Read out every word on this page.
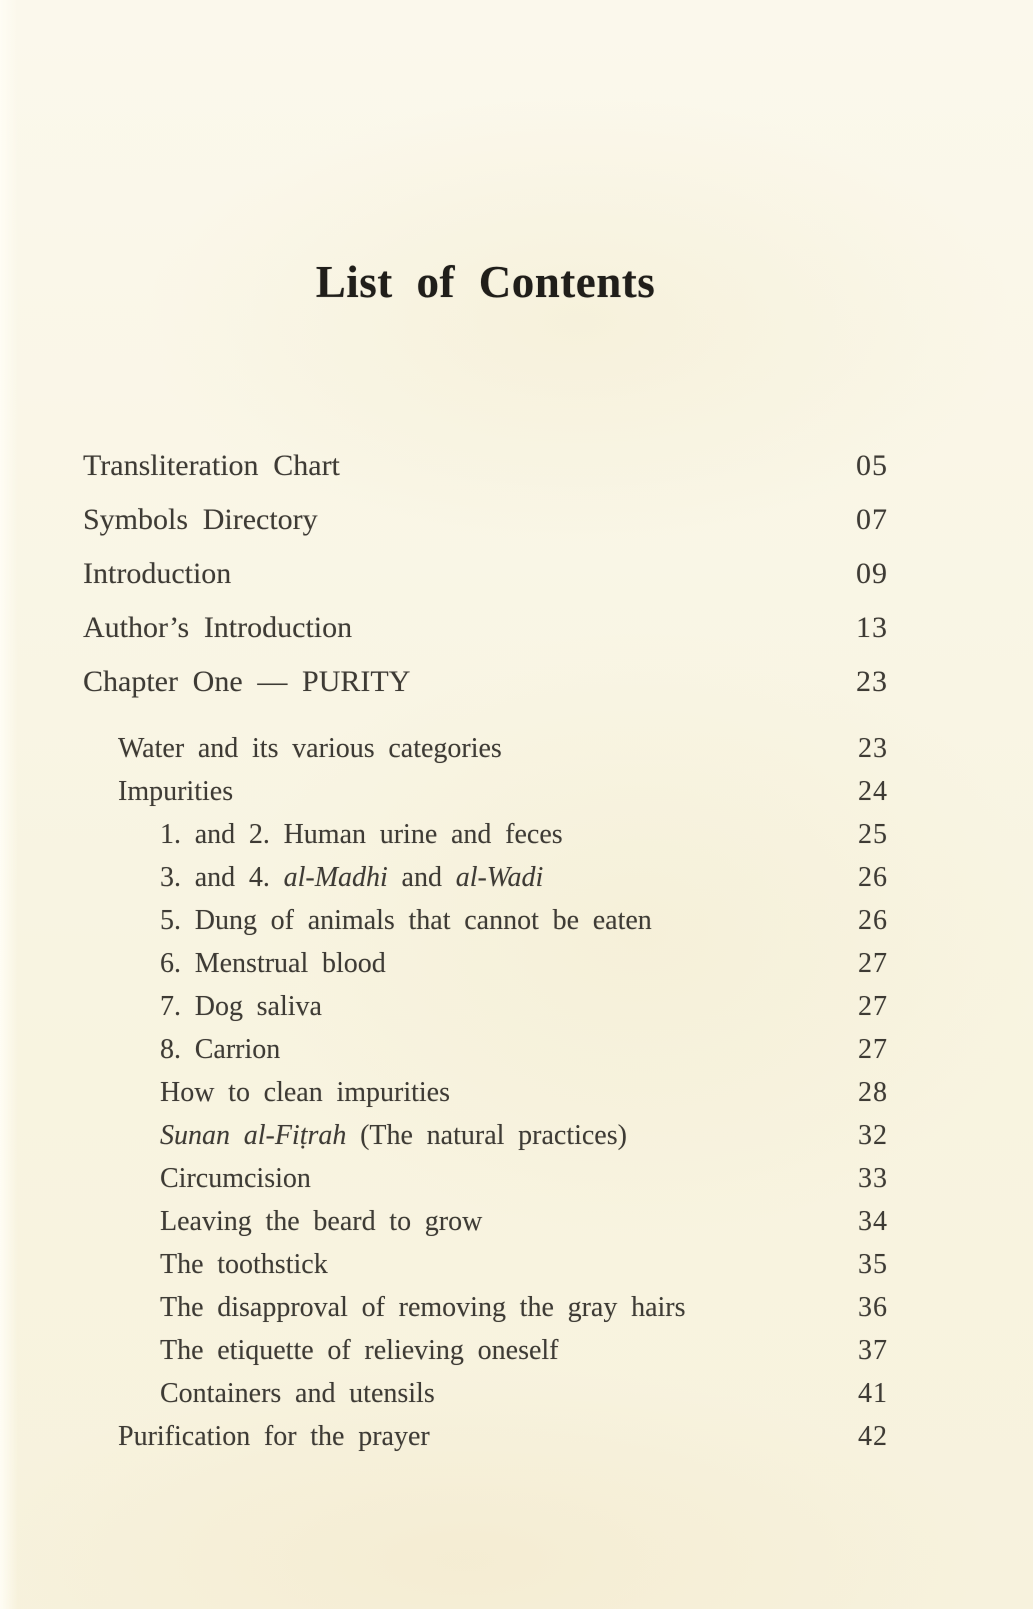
List of Contents
Transliteration Chart	05
Symbols Directory	07
Introduction	09
Author’s Introduction	13
Chapter One — PURITY	23
Water and its various categories	23
Impurities	24
1. and 2. Human urine and feces	25
3. and 4. al-Madhi and al-Wadi	26
5. Dung of animals that cannot be eaten	26
6. Menstrual blood	27
7. Dog saliva	27
8. Carrion	27
How to clean impurities	28
Sunan al-Fiṭrah (The natural practices)	32
Circumcision	33
Leaving the beard to grow	34
The toothstick	35
The disapproval of removing the gray hairs	36
The etiquette of relieving oneself	37
Containers and utensils	41
Purification for the prayer	42
